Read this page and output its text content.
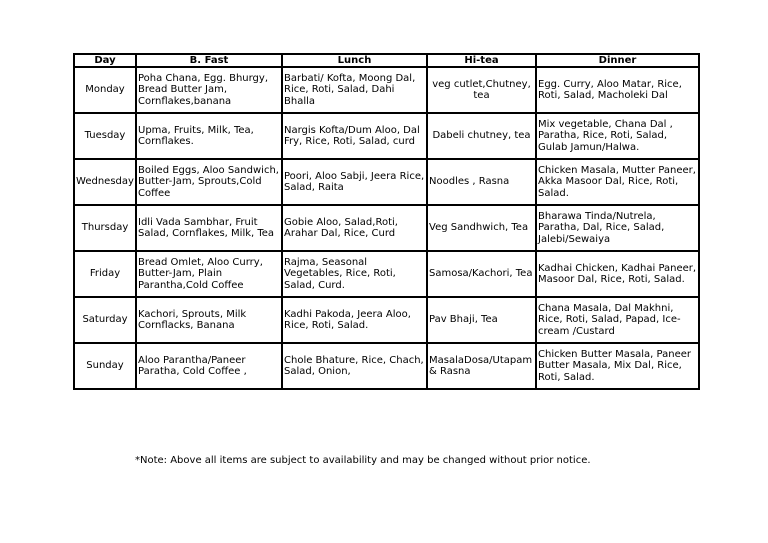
Day	B. Fast	Lunch	Hi-tea	Dinner
Monday	Poha Chana, Egg. Bhurgy, Bread Butter Jam, Cornflakes,banana	Barbati/ Kofta, Moong Dal, Rice, Roti, Salad, Dahi Bhalla	veg cutlet,Chutney, tea	Egg. Curry, Aloo Matar, Rice, Roti, Salad, Macholeki Dal
Tuesday	Upma, Fruits, Milk, Tea, Cornflakes.	Nargis Kofta/Dum Aloo, Dal Fry, Rice, Roti, Salad, curd	Dabeli chutney, tea	Mix vegetable, Chana Dal , Paratha, Rice, Roti, Salad, Gulab Jamun/Halwa.
Wednesday	Boiled Eggs, Aloo Sandwich, Butter-Jam, Sprouts,Cold Coffee	Poori, Aloo Sabji, Jeera Rice, Salad, Raita	Noodles , Rasna	Chicken Masala, Mutter Paneer, Akka Masoor Dal, Rice, Roti, Salad.
Thursday	Idli Vada Sambhar, Fruit Salad, Cornflakes, Milk, Tea	Gobie Aloo, Salad,Roti, Arahar Dal, Rice, Curd	Veg Sandhwich, Tea	Bharawa Tinda/Nutrela, Paratha, Dal, Rice, Salad, Jalebi/Sewaiya
Friday	Bread Omlet, Aloo Curry, Butter-Jam, Plain Parantha,Cold Coffee	Rajma, Seasonal Vegetables, Rice, Roti, Salad, Curd.	Samosa/Kachori, Tea	Kadhai Chicken, Kadhai Paneer, Masoor Dal, Rice, Roti, Salad.
Saturday	Kachori, Sprouts, Milk Cornflacks, Banana	Kadhi Pakoda, Jeera Aloo, Rice, Roti, Salad.	Pav Bhaji, Tea	Chana Masala, Dal Makhni, Rice, Roti, Salad, Papad, Ice-cream /Custard
Sunday	Aloo Parantha/Paneer Paratha, Cold Coffee ,	Chole Bhature, Rice, Chach, Salad, Onion,	MasalaDosa/Utapam & Rasna	Chicken Butter Masala, Paneer Butter Masala, Mix Dal, Rice, Roti, Salad.
*Note: Above all items are subject to availability and may be changed without prior notice.
